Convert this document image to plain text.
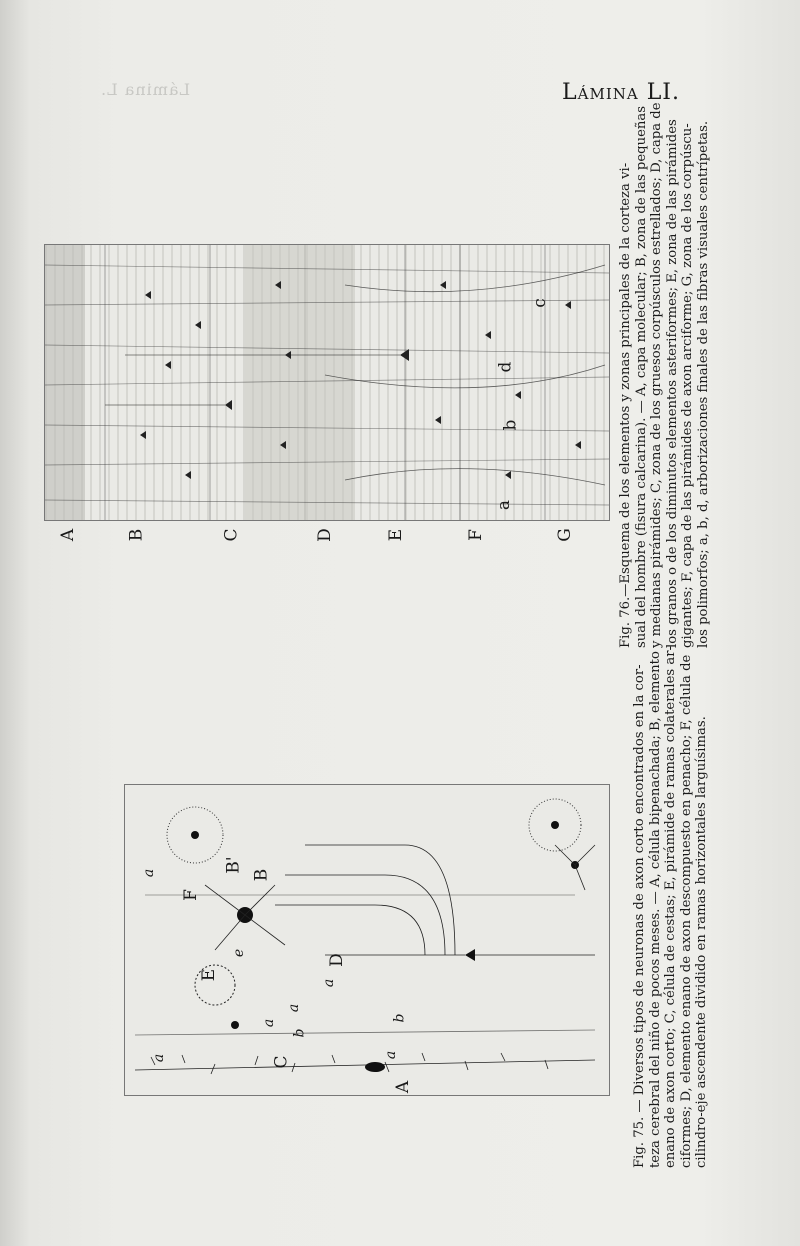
Lámina L.	Lámina LI.
c
d
b
a
A	B	C	D	E	F	G	Fig. 76.—Esquema de los elementos y zonas principales de la corteza vi- sual del hombre (fisura calcarina). — A, capa molecular; B, zona de las pequeñas y medianas pirámides; C, zona de los gruesos corpúsculos estrellados; D, capa de los granos o de los diminutos elementos asteriformes; E, zona de las pirámides gigantes; F, capa de las pirámides de axon arciforme; G, zona de los corpúscu- los polimorfos; a, b, d, arborizaciones finales de las fibras visuales centrípetas.

A
a
b
D
a
a
b
C
a
B
e
E
F
a
B'
a	Fig. 75. — Diversos tipos de neuronas de axon corto encontrados en la cor- teza cerebral del niño de pocos meses. — A, célula bipenachada; B, elemento enano de axon corto; C, célula de cestas; E, pirámide de ramas colaterales ar- ciformes; D, elemento enano de axon descompuesto en penacho; F, célula de cilindro-eje ascendente dividido en ramas horizontales larguísimas.
